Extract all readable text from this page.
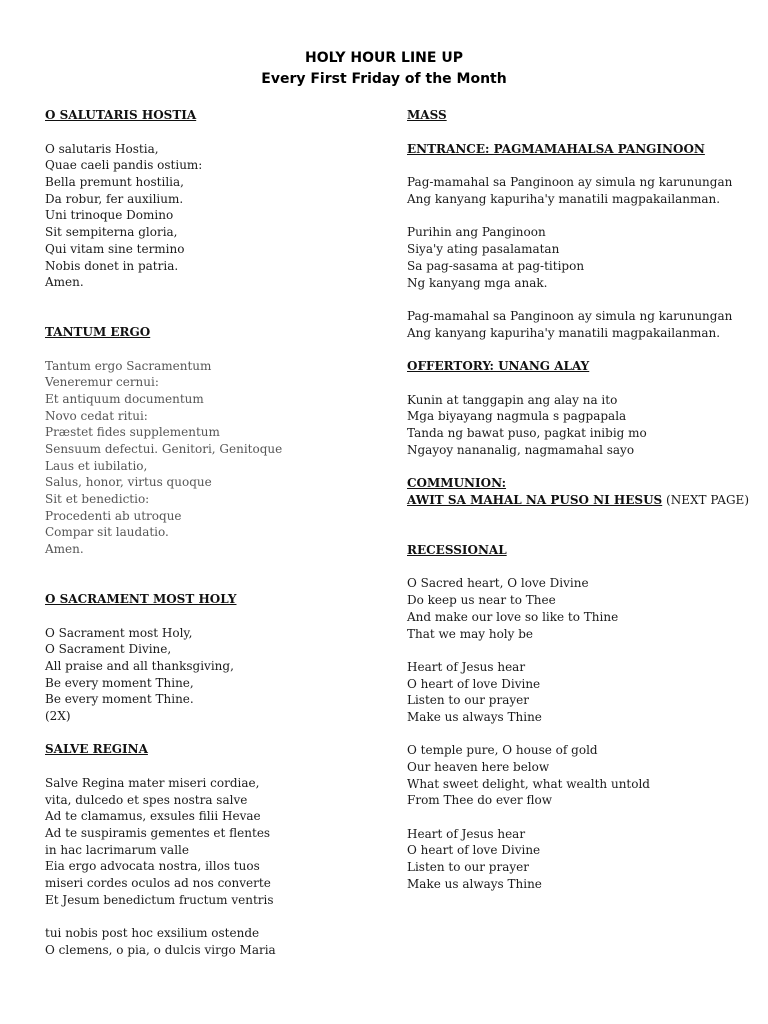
HOLY HOUR LINE UP
Every First Friday of the Month
O SALUTARIS HOSTIA
O salutaris Hostia,
Quae caeli pandis ostium:
Bella premunt hostilia,
Da robur, fer auxilium.
Uni trinoque Domino
Sit sempiterna gloria,
Qui vitam sine termino
Nobis donet in patria.
Amen.
TANTUM ERGO
Tantum ergo Sacramentum
Veneremur cernui:
Et antiquum documentum
Novo cedat ritui:
Præstet fides supplementum
Sensuum defectui. Genitori, Genitoque
Laus et iubilatio,
Salus, honor, virtus quoque
Sit et benedictio:
Procedenti ab utroque
Compar sit laudatio.
Amen.
O SACRAMENT MOST HOLY
O Sacrament most Holy,
O Sacrament Divine,
All praise and all thanksgiving,
Be every moment Thine,
Be every moment Thine.
(2X)
SALVE REGINA
Salve Regina mater miseri cordiae,
vita, dulcedo et spes nostra salve
Ad te clamamus, exsules filii Hevae
Ad te suspiramis gementes et flentes
in hac lacrimarum valle
Eia ergo advocata nostra, illos tuos
miseri cordes oculos ad nos converte
Et Jesum benedictum fructum ventris
tui nobis post hoc exsilium ostende
O clemens, o pia, o dulcis virgo Maria
MASS
ENTRANCE: PAGMAMAHALSA PANGINOON
Pag-mamahal sa Panginoon ay simula ng karunungan
Ang kanyang kapuriha'y manatili magpakailanman.
Purihin ang Panginoon
Siya'y ating pasalamatan
Sa pag-sasama at pag-titipon
Ng kanyang mga anak.
Pag-mamahal sa Panginoon ay simula ng karunungan
Ang kanyang kapuriha'y manatili magpakailanman.
OFFERTORY: UNANG ALAY
Kunin at tanggapin ang alay na ito
Mga biyayang nagmula s pagpapala
Tanda ng bawat puso, pagkat inibig mo
Ngayoy nananalig, nagmamahal sayo
COMMUNION:
AWIT SA MAHAL NA PUSO NI HESUS (NEXT PAGE)
RECESSIONAL
O Sacred heart, O love Divine
Do keep us near to Thee
And make our love so like to Thine
That we may holy be
Heart of Jesus hear
O heart of love Divine
Listen to our prayer
Make us always Thine
O temple pure, O house of gold
Our heaven here below
What sweet delight, what wealth untold
From Thee do ever flow
Heart of Jesus hear
O heart of love Divine
Listen to our prayer
Make us always Thine
